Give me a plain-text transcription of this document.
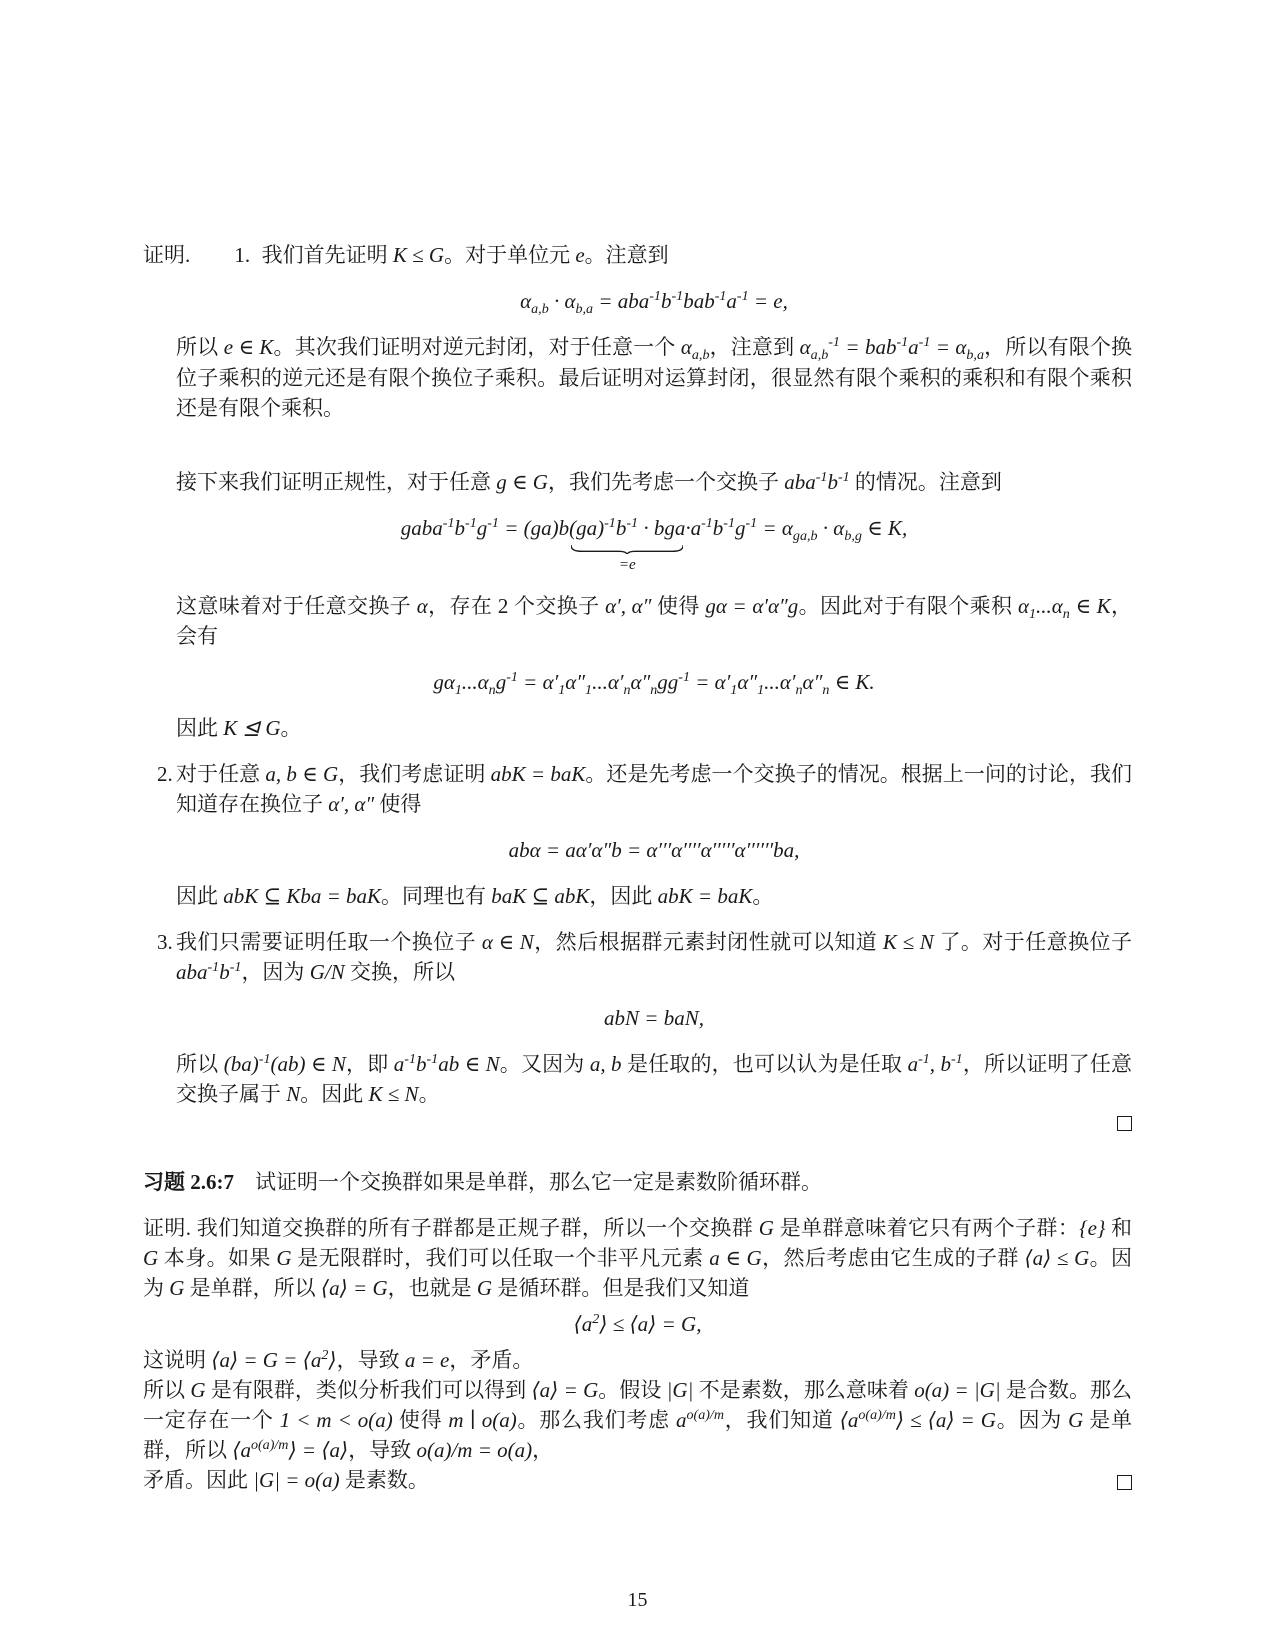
证明. 1. 我们首先证明 K ≤ G。对于单位元 e。注意到

$\alpha_{a,b} \cdot \alpha_{b,a} = aba^{-1}b^{-1}bab^{-1}a^{-1} = e$,

所以 e ∈ K。其次我们证明对逆元封闭，对于任意一个 $\alpha_{a,b}$，注意到 $\alpha_{a,b}^{-1} = bab^{-1}a^{-1} = \alpha_{b,a}$，所以有限个换位子乘积的逆元还是有限个换位子乘积。最后证明对运算封闭，很显然有限个乘积的乘积和有限个乘积还是有限个乘积。

接下来我们证明正规性，对于任意 g ∈ G，我们先考虑一个交换子 $aba^{-1}b^{-1}$ 的情况。注意到

$gaba^{-1}b^{-1}g^{-1} = (ga)b(ga)^{-1}b^{-1}$ · bga
=e
$\cdot a^{-1}b^{-1}g^{-1} = \alpha_{ga,b} \cdot \alpha_{b,g}$ ∈ K,

这意味着对于任意交换子 α，存在 2 个交换子 α′, α″ 使得 gα = α′α″g。因此对于有限个乘积 $\alpha_1...\alpha_n$ ∈ K，会有

$g\alpha_1...\alpha_ng^{-1} = \alpha'_1\alpha''_1...\alpha'_n\alpha''_ngg^{-1} = \alpha'_1\alpha''_1...\alpha'_n\alpha''_n$ ∈ K.

因此 K ⊴ G。

2. 对于任意 a, b ∈ G，我们考虑证明 abK = baK。还是先考虑一个交换子的情况。根据上一问的讨论，我们知道存在换位子 α′, α″ 使得

abα = aα′α″b = α′′′α′′′′α′′′′′α′′′′′′ba,

因此 abK ⊆ Kba = baK。同理也有 baK ⊆ abK，因此 abK = baK。

3. 我们只需要证明任取一个换位子 α ∈ N，然后根据群元素封闭性就可以知道 K ≤ N 了。对于任意换位子 $aba^{-1}b^{-1}$，因为 G/N 交换，所以

abN = baN,

所以 (ba)$^{-1}$(ab) ∈ N，即 $a^{-1}b^{-1}ab$ ∈ N。又因为 a, b 是任取的，也可以认为是任取 $a^{-1}$, $b^{-1}$，所以证明了任意交换子属于 N。因此 K ≤ N。

习题 2.6:7 试证明一个交换群如果是单群，那么它一定是素数阶循环群。

证明. 我们知道交换群的所有子群都是正规子群，所以一个交换群 G 是单群意味着它只有两个子群：{e} 和 G 本身。如果 G 是无限群时，我们可以任取一个非平凡元素 a ∈ G，然后考虑由它生成的子群 ⟨a⟩ ≤ G。因为 G 是单群，所以 ⟨a⟩ = G，也就是 G 是循环群。但是我们又知道

$⟨a^2⟩$ ≤ ⟨a⟩ = G,

这说明 ⟨a⟩ = $G = ⟨a^2⟩$，导致 a = e，矛盾。

所以 G 是有限群，类似分析我们可以得到 ⟨a⟩ = G。假设 |G| 不是素数，那么意味着 o(a) = |G| 是合数。那么一定存在一个 1 < m < o(a) 使得 m ∣ o(a)。那么我们考虑 $a^{o(a)/m}$，我们知道 $⟨a^{o(a)/m}⟩$ ≤ ⟨a⟩ = G。因为 G 是单群，所以 $⟨a^{o(a)/m}⟩$ = ⟨a⟩，导致 o(a)/m = o(a)，

矛盾。因此 |G| = o(a) 是素数。
15
